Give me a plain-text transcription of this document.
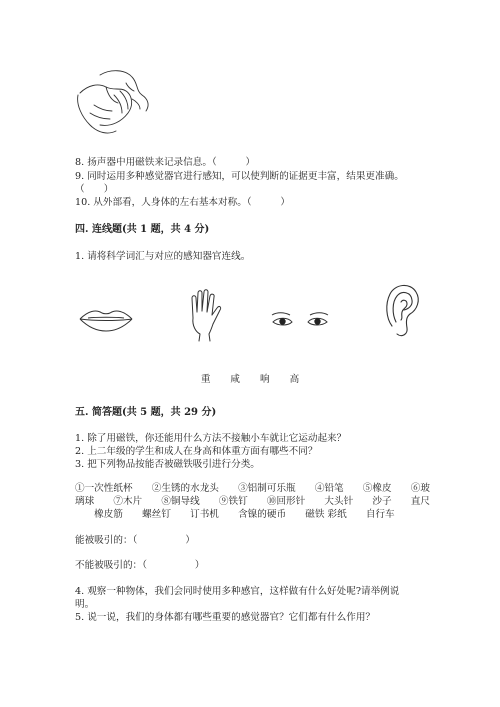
8. 扬声器中用磁铁来记录信息。（　　　）
9. 同时运用多种感觉器官进行感知，可以使判断的证据更丰富，结果更准确。
（　　）
10. 从外部看，人身体的左右基本对称。（　　　）
四. 连线题(共 1 题，共 4 分)
1. 请将科学词汇与对应的感知器官连线。
重 咸 响 高
五. 简答题(共 5 题，共 29 分)
1. 除了用磁铁，你还能用什么方法不接触小车就让它运动起来？
2. 上二年级的学生和成人在身高和体重方面有哪些不同？
3. 把下列物品按能否被磁铁吸引进行分类。
①一次性纸杯　　②生锈的水龙头　　③铝制可乐瓶　　④铅笔　　⑤橡皮　　⑥玻
璃球　　⑦木片　　⑧铜导线　　⑨铁钉　　⑩回形针　　大头针　　沙子　　直尺
　　橡皮筋　　螺丝钉　　订书机　　含镍的硬币　　磁铁 彩纸　　自行车
能被吸引的：（　　　　　）
不能被吸引的：（　　　　　）
4. 观察一种物体，我们会同时使用多种感官，这样做有什么好处呢?请举例说
明。
5. 说一说，我们的身体都有哪些重要的感觉器官？它们都有什么作用？
